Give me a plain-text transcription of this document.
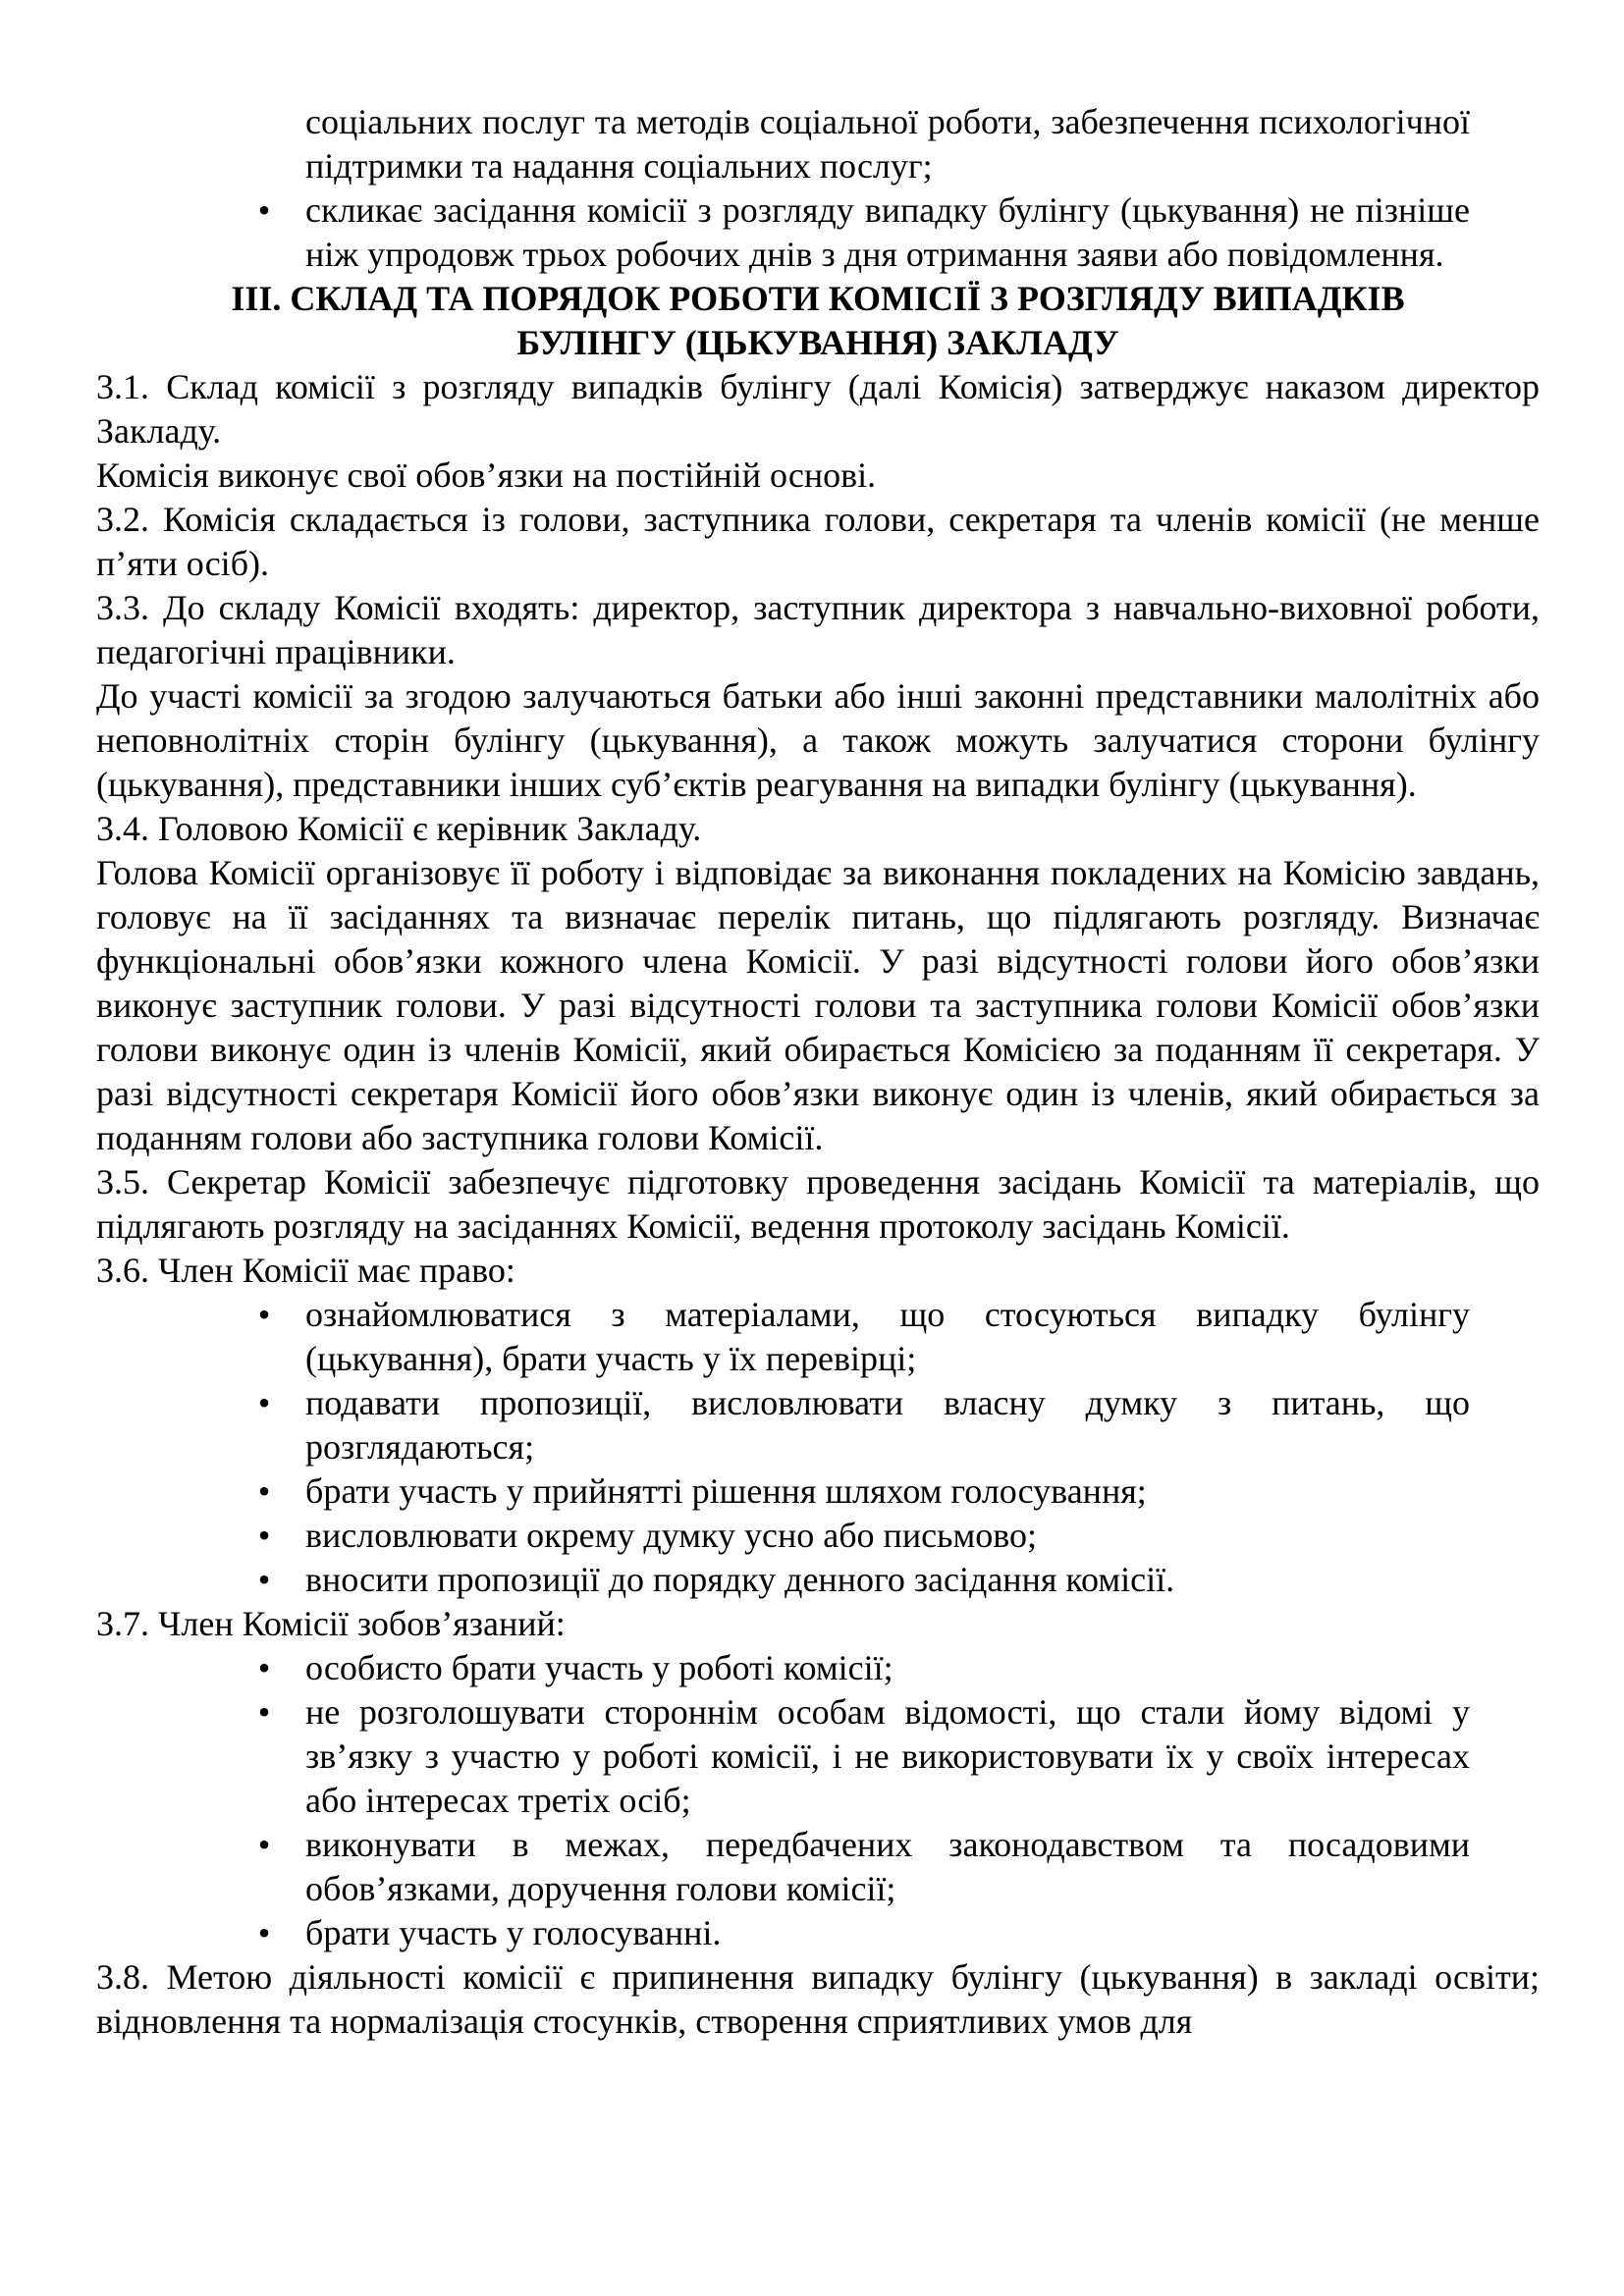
соціальних послуг та методів соціальної роботи, забезпечення психологічної підтримки та надання соціальних послуг;
• скликає засідання комісії з розгляду випадку булінгу (цькування) не пізніше ніж упродовж трьох робочих днів з дня отримання заяви або повідомлення.
III. СКЛАД ТА ПОРЯДОК РОБОТИ КОМІСІЇ З РОЗГЛЯДУ ВИПАДКІВ БУЛІНГУ (ЦЬКУВАННЯ) ЗАКЛАДУ
3.1. Склад комісії з розгляду випадків булінгу (далі Комісія) затверджує наказом директор Закладу.
Комісія виконує свої обов’язки на постійній основі.
3.2. Комісія складається із голови, заступника голови, секретаря та членів комісії (не менше п’яти осіб).
3.3. До складу Комісії входять: директор, заступник директора з навчально-виховної роботи, педагогічні працівники.
До участі комісії за згодою залучаються батьки або інші законні представники малолітніх або неповнолітніх сторін булінгу (цькування), а також можуть залучатися сторони булінгу (цькування), представники інших суб’єктів реагування на випадки булінгу (цькування).
3.4. Головою Комісії є керівник Закладу.
Голова Комісії організовує її роботу і відповідає за виконання покладених на Комісію завдань, головує на її засіданнях та визначає перелік питань, що підлягають розгляду. Визначає функціональні обов’язки кожного члена Комісії. У разі відсутності голови його обов’язки виконує заступник голови. У разі відсутності голови та заступника голови Комісії обов’язки голови виконує один із членів Комісії, який обирається Комісією за поданням її секретаря. У разі відсутності секретаря Комісії його обов’язки виконує один із членів, який обирається за поданням голови або заступника голови Комісії.
3.5. Секретар Комісії забезпечує підготовку проведення засідань Комісії та матеріалів, що підлягають розгляду на засіданнях Комісії, ведення протоколу засідань Комісії.
3.6. Член Комісії має право:
• ознайомлюватися з матеріалами, що стосуються випадку булінгу (цькування), брати участь у їх перевірці;
• подавати пропозиції, висловлювати власну думку з питань, що розглядаються;
• брати участь у прийнятті рішення шляхом голосування;
• висловлювати окрему думку усно або письмово;
• вносити пропозиції до порядку денного засідання комісії.
3.7. Член Комісії зобов’язаний:
• особисто брати участь у роботі комісії;
• не розголошувати стороннім особам відомості, що стали йому відомі у зв’язку з участю у роботі комісії, і не використовувати їх у своїх інтересах або інтересах третіх осіб;
• виконувати в межах, передбачених законодавством та посадовими обов’язками, доручення голови комісії;
• брати участь у голосуванні.
3.8. Метою діяльності комісії є припинення випадку булінгу (цькування) в закладі освіти; відновлення та нормалізація стосунків, створення сприятливих умов для
